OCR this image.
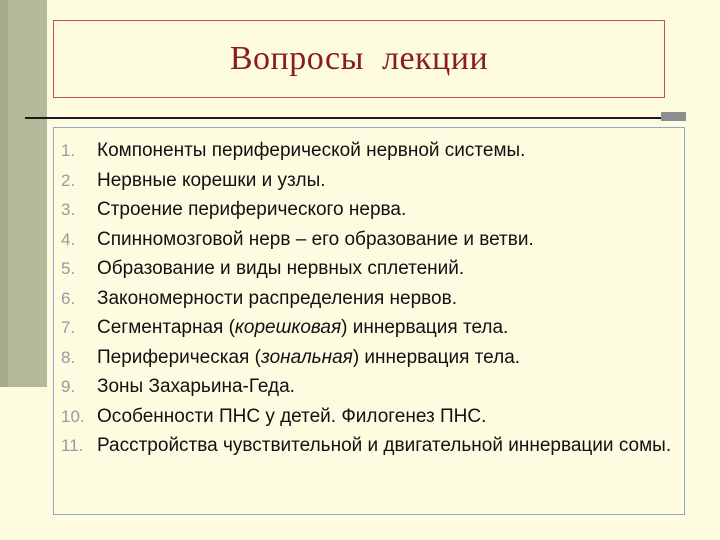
Вопросы  лекции
1.	Компоненты периферической нервной системы.
2.	Нервные корешки и узлы.
3.	Строение периферического нерва.
4.	Спинномозговой нерв – его образование и ветви.
5.	Образование и виды нервных сплетений.
6.	Закономерности распределения нервов.
7.	Сегментарная (корешковая) иннервация тела.
8.	Периферическая (зональная) иннервация тела.
9.	Зоны Захарьина-Геда.
10. Особенности ПНС у детей. Филогенез ПНС.
11. Расстройства чувствительной и двигательной иннервации сомы.
